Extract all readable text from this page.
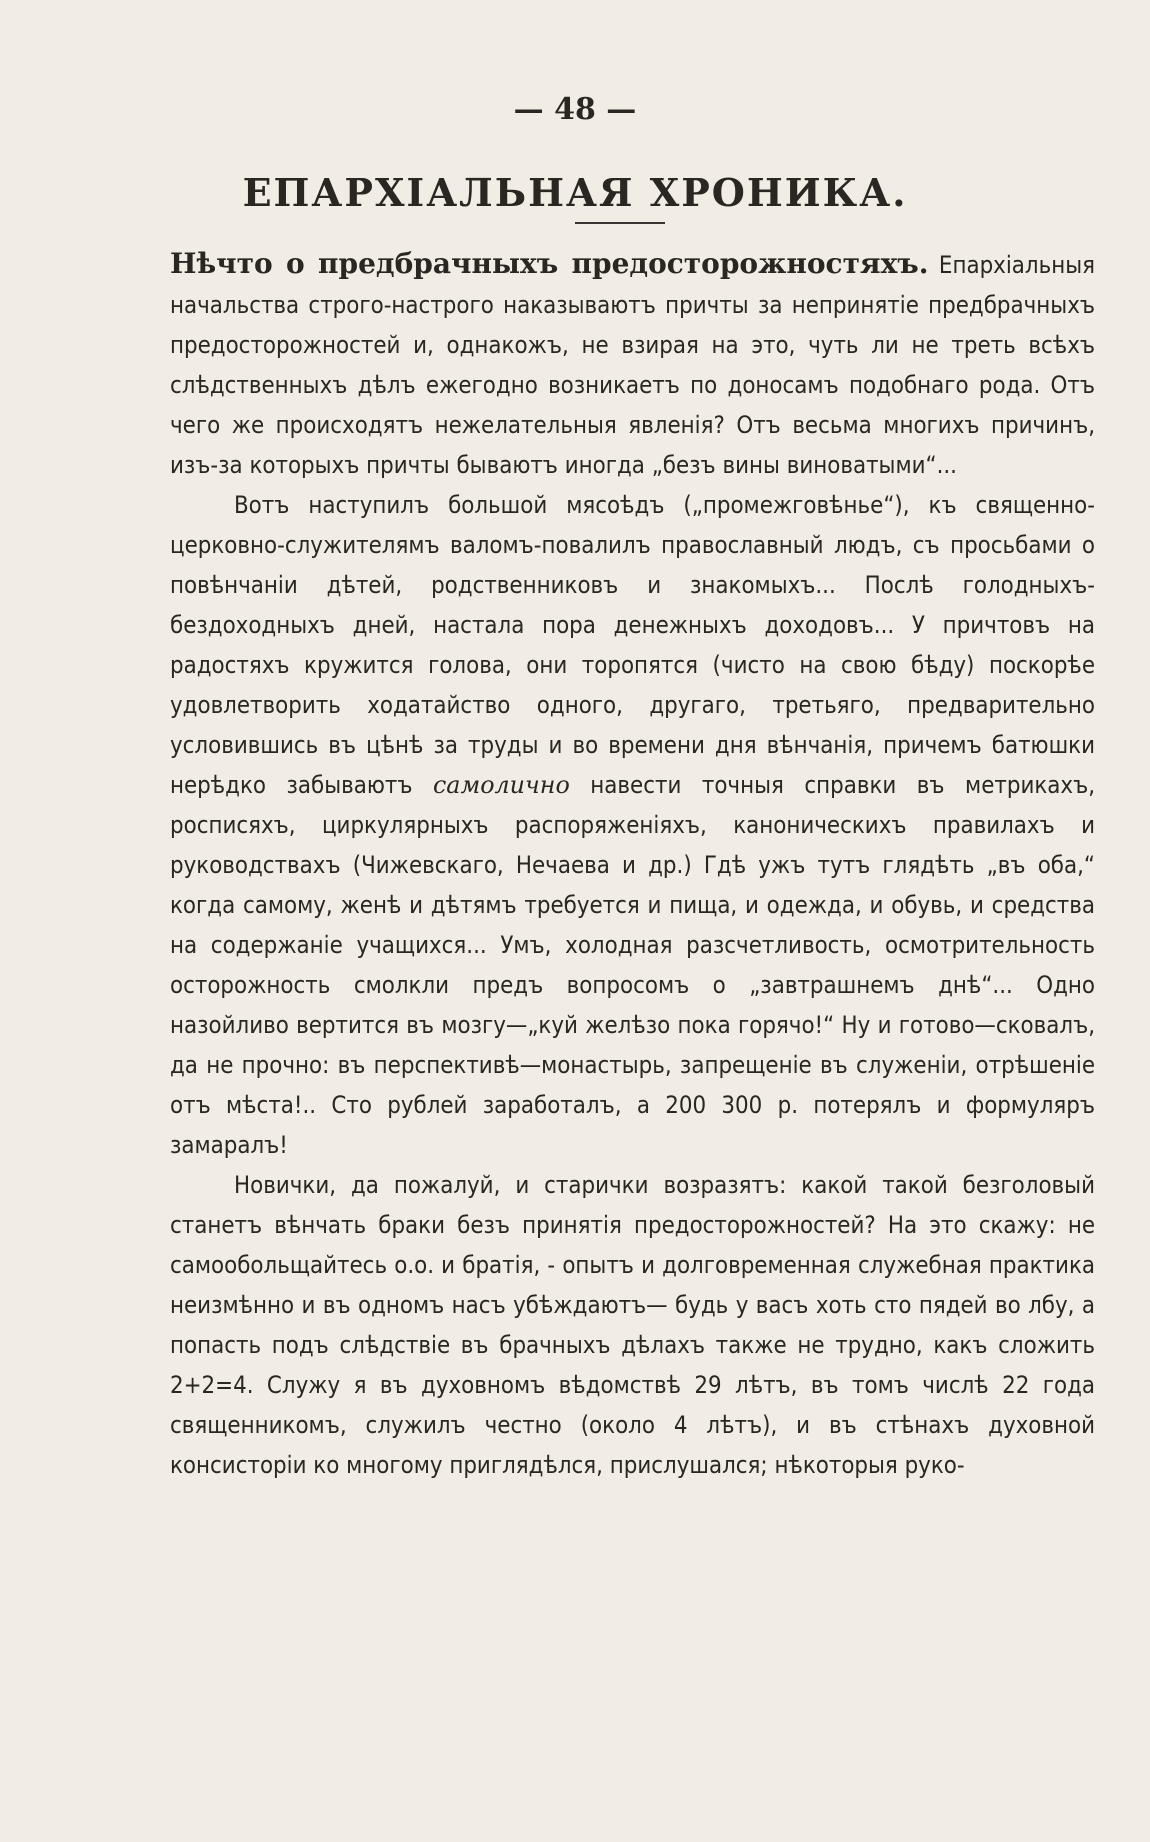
— 48 —
ЕПАРХІАЛЬНАЯ ХРОНИКА.

Нѣчто о предбрачныхъ предосторожностяхъ. Епархіальныя начальства строго-настрого наказываютъ причты за непринятіе предбрачныхъ предосторожностей и, однакожъ, не взирая на это, чуть ли не треть всѣхъ слѣдственныхъ дѣлъ ежегодно возникаетъ по доносамъ подобнаго рода. Отъ чего же происходятъ нежелательныя явленія? Отъ весьма многихъ причинъ, изъ-за которыхъ причты бываютъ иногда „безъ вины виноватыми“...

Вотъ наступилъ большой мясоѣдъ („промежговѣнье“), къ священно-церковно-служителямъ валомъ-повалилъ православный людъ, съ просьбами о повѣнчаніи дѣтей, родственниковъ и знакомыхъ... Послѣ голодныхъ-бездоходныхъ дней, настала пора денежныхъ доходовъ... У причтовъ на радостяхъ кружится голова, они торопятся (чисто на свою бѣду) поскорѣе удовлетворить ходатайство одного, другаго, третьяго, предварительно условившись въ цѣнѣ за труды и во времени дня вѣнчанія, причемъ батюшки нерѣдко забываютъ самолично навести точныя справки въ метрикахъ, росписяхъ, циркулярныхъ распоряженіяхъ, каноническихъ правилахъ и руководствахъ (Чижевскаго, Нечаева и др.) Гдѣ ужъ тутъ глядѣть „въ оба,“ когда самому, женѣ и дѣтямъ требуется и пища, и одежда, и обувь, и средства на содержаніе учащихся... Умъ, холодная разсчетливость, осмотрительность осторожность смолкли предъ вопросомъ о „завтрашнемъ днѣ“... Одно назойливо вертится въ мозгу—„куй желѣзо пока горячо!“ Ну и готово—сковалъ, да не прочно: въ перспективѣ—монастырь, запрещеніе въ служеніи, отрѣшеніе отъ мѣста!.. Сто рублей заработалъ, а 200 300 р. потерялъ и формуляръ замаралъ!

Новички, да пожалуй, и старички возразятъ: какой такой безголовый станетъ вѣнчать браки безъ принятія предосторожностей? На это скажу: не самообольщайтесь о.о. и братія, - опытъ и долговременная служебная практика неизмѣнно и въ одномъ насъ убѣждаютъ— будь у васъ хоть сто пядей во лбу, а попасть подъ слѣдствіе въ брачныхъ дѣлахъ также не трудно, какъ сложить 2+2=4. Служу я въ духовномъ вѣдомствѣ 29 лѣтъ, въ томъ числѣ 22 года священникомъ, служилъ честно (около 4 лѣтъ), и въ стѣнахъ духовной консисторіи ко многому приглядѣлся, прислушался; нѣкоторыя руко-
